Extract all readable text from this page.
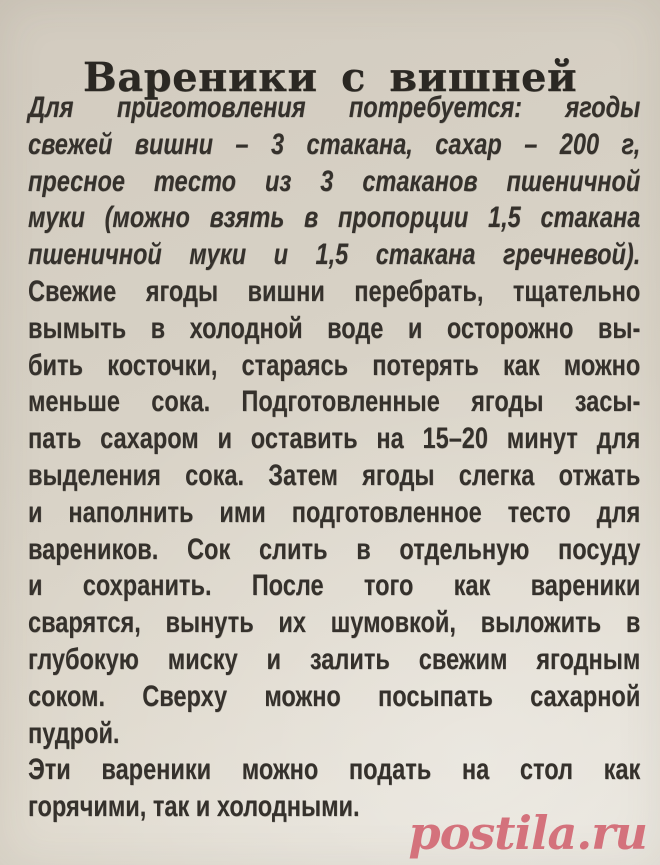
Вареники с вишней
Для приготовления потребуется: ягоды
свежей вишни – 3 стакана, сахар – 200 г,
пресное тесто из 3 стаканов пшеничной
муки (можно взять в пропорции 1,5 стакана
пшеничной муки и 1,5 стакана гречневой).
Свежие ягоды вишни перебрать, тщательно
вымыть в холодной воде и осторожно вы-
бить косточки, стараясь потерять как можно
меньше сока. Подготовленные ягоды засы-
пать сахаром и оставить на 15–20 минут для
выделения сока. Затем ягоды слегка отжать
и наполнить ими подготовленное тесто для
вареников. Сок слить в отдельную посуду
и сохранить. После того как вареники
сварятся, вынуть их шумовкой, выложить в
глубокую миску и залить свежим ягодным
соком. Сверху можно посыпать сахарной
пудрой.
Эти вареники можно подать на стол как
горячими, так и холодными.	postila.ru
